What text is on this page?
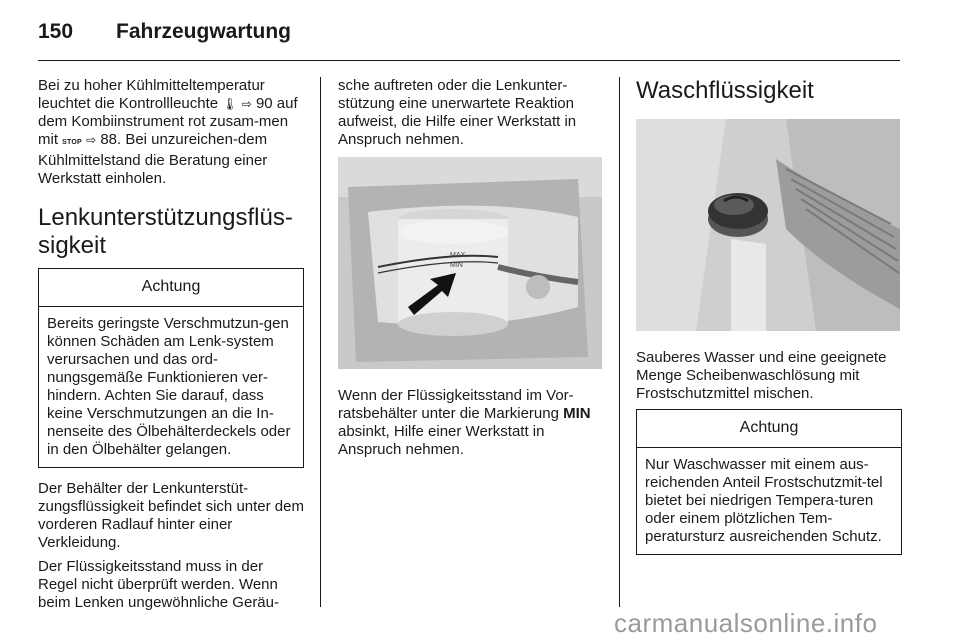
150 Fahrzeugwartung

Bei zu hoher Kühlmitteltemperatur leuchtet die Kontrollleuchte 🌡 ⇨ 90 auf dem Kombiinstrument rot zusam-men mit STOP ⇨ 88. Bei unzureichen-dem Kühlmittelstand die Beratung einer Werkstatt einholen.

Lenkunterstützungsflüs-sigkeit
Achtung
Bereits geringste Verschmutzun-gen können Schäden am Lenk-system verursachen und das ord-nungsgemäße Funktionieren ver-hindern. Achten Sie darauf, dass keine Verschmutzungen an die In-nenseite des Ölbehälterdeckels oder in den Ölbehälter gelangen.

Der Behälter der Lenkunterstüt-zungsflüssigkeit befindet sich unter dem vorderen Radlauf hinter einer Verkleidung.

Der Flüssigkeitsstand muss in der Regel nicht überprüft werden. Wenn beim Lenken ungewöhnliche Geräu-

sche auftreten oder die Lenkunter-stützung eine unerwartete Reaktion aufweist, die Hilfe einer Werkstatt in Anspruch nehmen.

MAX
MIN

Wenn der Flüssigkeitsstand im Vor-ratsbehälter unter die Markierung MIN absinkt, Hilfe einer Werkstatt in Anspruch nehmen.

Waschflüssigkeit

Sauberes Wasser und eine geeignete Menge Scheibenwaschlösung mit Frostschutzmittel mischen.

Achtung
Nur Waschwasser mit einem aus-reichenden Anteil Frostschutzmit-tel bietet bei niedrigen Tempera-turen oder einem plötzlichen Tem-peratursturz ausreichenden Schutz.
carmanualsonline.info
